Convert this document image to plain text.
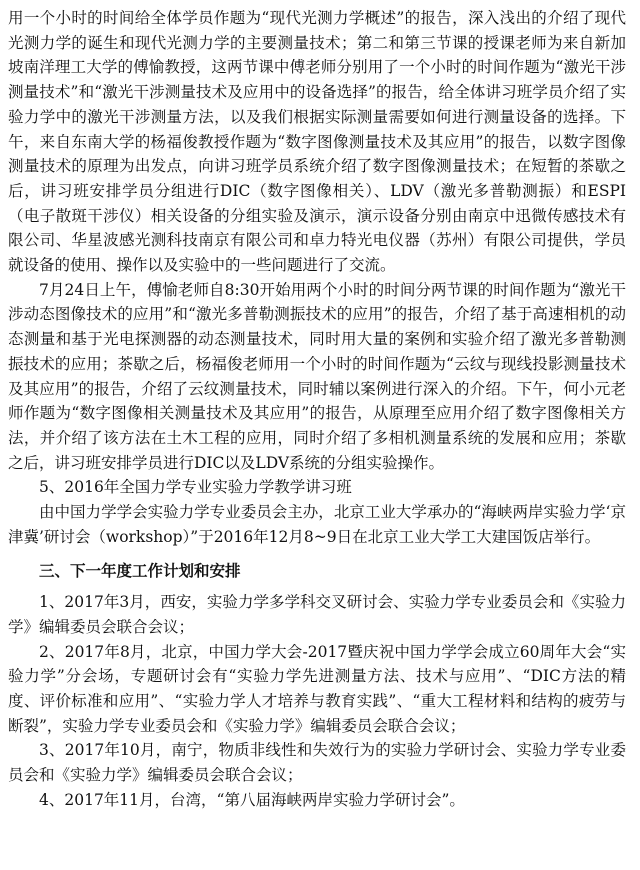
用一个小时的时间给全体学员作题为“现代光测力学概述”的报告，深入浅出的介绍了现代光测力学的诞生和现代光测力学的主要测量技术；第二和第三节课的授课老师为来自新加坡南洋理工大学的傅愉教授，这两节课中傅老师分别用了一个小时的时间作题为“激光干涉测量技术”和“激光干涉测量技术及应用中的设备选择”的报告，给全体讲习班学员介绍了实验力学中的激光干涉测量方法，以及我们根据实际测量需要如何进行测量设备的选择。下午，来自东南大学的杨福俊教授作题为“数字图像测量技术及其应用”的报告，以数字图像测量技术的原理为出发点，向讲习班学员系统介绍了数字图像测量技术；在短暂的茶歇之后，讲习班安排学员分组进行DIC（数字图像相关）、LDV（激光多普勒测振）和ESPI（电子散斑干涉仪）相关设备的分组实验及演示，演示设备分别由南京中迅微传感技术有限公司、华星波感光测科技南京有限公司和卓力特光电仪器（苏州）有限公司提供，学员就设备的使用、操作以及实验中的一些问题进行了交流。

7月24日上午，傅愉老师自8:30开始用两个小时的时间分两节课的时间作题为“激光干涉动态图像技术的应用”和“激光多普勒测振技术的应用”的报告，介绍了基于高速相机的动态测量和基于光电探测器的动态测量技术，同时用大量的案例和实验介绍了激光多普勒测振技术的应用；茶歇之后，杨福俊老师用一个小时的时间作题为“云纹与现线投影测量技术及其应用”的报告，介绍了云纹测量技术，同时辅以案例进行深入的介绍。下午，何小元老师作题为“数字图像相关测量技术及其应用”的报告，从原理至应用介绍了数字图像相关方法，并介绍了该方法在土木工程的应用，同时介绍了多相机测量系统的发展和应用；茶歇之后，讲习班安排学员进行DIC以及LDV系统的分组实验操作。

5、2016年全国力学专业实验力学教学讲习班

由中国力学学会实验力学专业委员会主办，北京工业大学承办的“海峡两岸实验力学‘京津冀’研讨会（workshop）”于2016年12月8~9日在北京工业大学工大建国饭店举行。

三、下一年度工作计划和安排

1、2017年3月，西安，实验力学多学科交叉研讨会、实验力学专业委员会和《实验力学》编辑委员会联合会议；

2、2017年8月，北京，中国力学大会-2017暨庆祝中国力学学会成立60周年大会“实验力学”分会场，专题研讨会有“实验力学先进测量方法、技术与应用”、“DIC方法的精度、评价标准和应用”、“实验力学人才培养与教育实践”、“重大工程材料和结构的疲劳与断裂”，实验力学专业委员会和《实验力学》编辑委员会联合会议；

3、2017年10月，南宁，物质非线性和失效行为的实验力学研讨会、实验力学专业委员会和《实验力学》编辑委员会联合会议；

4、2017年11月，台湾，“第八届海峡两岸实验力学研讨会”。
